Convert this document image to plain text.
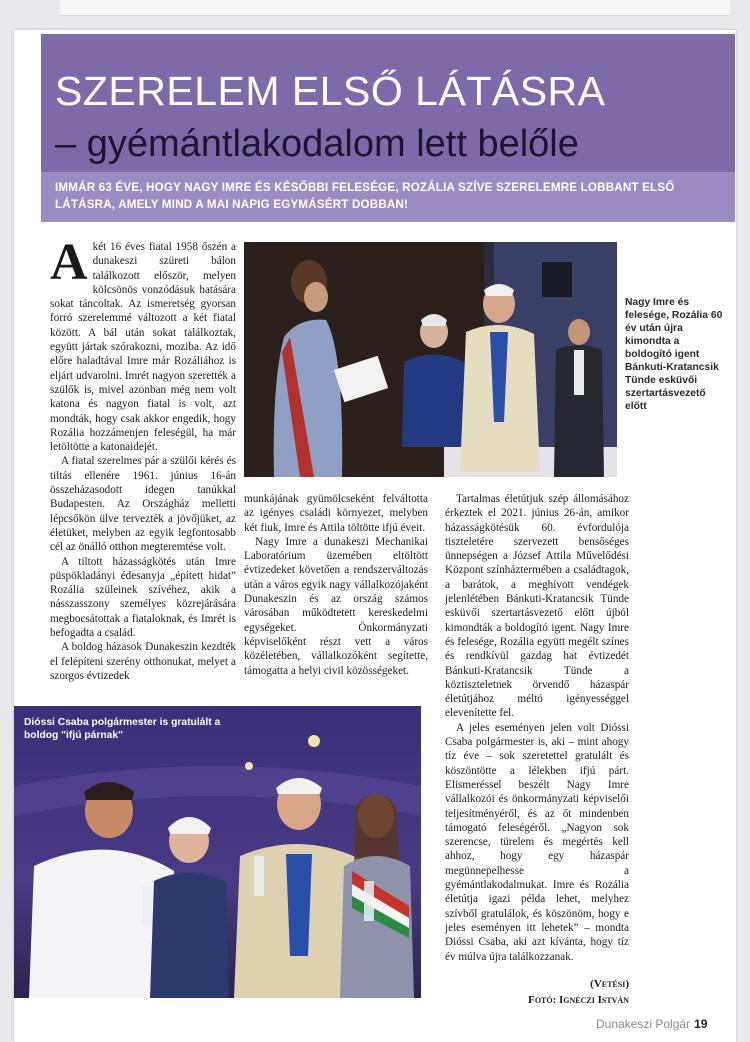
SZERELEM ELSŐ LÁTÁSRA
– gyémántlakodalom lett belőle
IMMÁR 63 ÉVE, HOGY NAGY IMRE ÉS KÉSŐBBI FELESÉGE, ROZÁLIA SZÍVE SZERELEMRE LOBBANT ELSŐ LÁTÁSRA, AMELY MIND A MAI NAPIG EGYMÁSÉRT DOBBAN!

A két 16 éves fiatal 1958 őszén a dunakeszi szüreti bálon találkozott először, melyen kölcsönös vonzódásuk hatására sokat táncoltak. Az ismeretség gyorsan forró szerelemmé változott a két fiatal között. A bál után sokat találkoztak, együtt jártak szórakozni, moziba. Az idő előre haladtával Imre már Rozáliához is eljárt udvarolni. Imrét nagyon szerették a szülők is, mivel azonban még nem volt katona és nagyon fiatal is volt, azt mondták, hogy csak akkor engedik, hogy Rozália hozzámenjen feleségül, ha már letöltötte a katonaidejét.

A fiatal szerelmes pár a szülői kérés és tiltás ellenére 1961. június 16-án összeházasodott idegen tanúkkal Budapesten. Az Országház melletti lépcsőkön ülve tervezték a jövőjüket, az életüket, melyben az egyik legfontosabb cél az önálló otthon megteremtése volt.

A tiltott házasságkötés után Imre püspökladányi édesanyja „épített hidat” Rozália szüleinek szívéhez, akik a násszasszony személyes közrejárására megbocsátottak a fiataloknak, és Imrét is befogadta a család.

A boldog házasok Dunakeszin kezdték el felépíteni szerény otthonukat, melyet a szorgos évtizedek

Nagy Imre és felesége, Rozália 60 év után újra kimondta a boldogító igent Bánkuti-Kratancsik Tünde esküvői szertartásvezető előtt

munkájának gyümölcseként felváltotta az igényes családi környezet, melyben két fiuk, Imre és Attila töltötte ifjú éveit.

Nagy Imre a dunakeszi Mechanikai Laboratórium üzemében eltöltött évtizedeket követően a rendszerváltozás után a város egyik nagy vállalkozójaként Dunakeszin és az ország számos városában működtetett kereskedelmi egységeket. Önkormányzati képviselőként részt vett a város közéletében, vállalkozóként segítette, támogatta a helyi civil közösségeket.

Tartalmas életútjuk szép állomásához érkeztek el 2021. június 26-án, amikor házasságkötésük 60. évfordulója tiszteletére szervezett bensőséges ünnepségen a József Attila Művelődési Központ színháztermében a családtagok, a barátok, a meghívott vendégek jelenlétében Bánkuti-Kratancsik Tünde esküvői szertartásvezető előtt újból kimondták a boldogító igent. Nagy Imre és felesége, Rozália együtt megélt színes és rendkívül gazdag hat évtizedét Bánkuti-Kratancsik Tünde a köztiszteletnek örvendő házaspár életútjához méltó igényességgel elevenítette fel.

A jeles eseményen jelen volt Dióssi Csaba polgármester is, aki – mint ahogy tíz éve – sok szeretettel gratulált és köszöntötte a lélekben ifjú párt. Elismeréssel beszélt Nagy Imre vállalkozói és önkormányzati képviselői teljesítményéről, és az őt mindenben támogató feleségéről. „Nagyon sok szerencse, türelem és megértés kell ahhoz, hogy egy házaspár megünnepelhesse a gyémántlakodalmukat. Imre és Rozália életútja igazi példa lehet, melyhez szívből gratulálok, és köszönöm, hogy e jeles eseményen itt lehetek” – mondta Dióssi Csaba, aki azt kívánta, hogy tíz év múlva újra találkozzanak.

Dióssi Csaba polgármester is gratulált a boldog "ifjú párnak"
(Vetési)
Fotó: Ignéczi István
Dunakeszi Polgár 19
